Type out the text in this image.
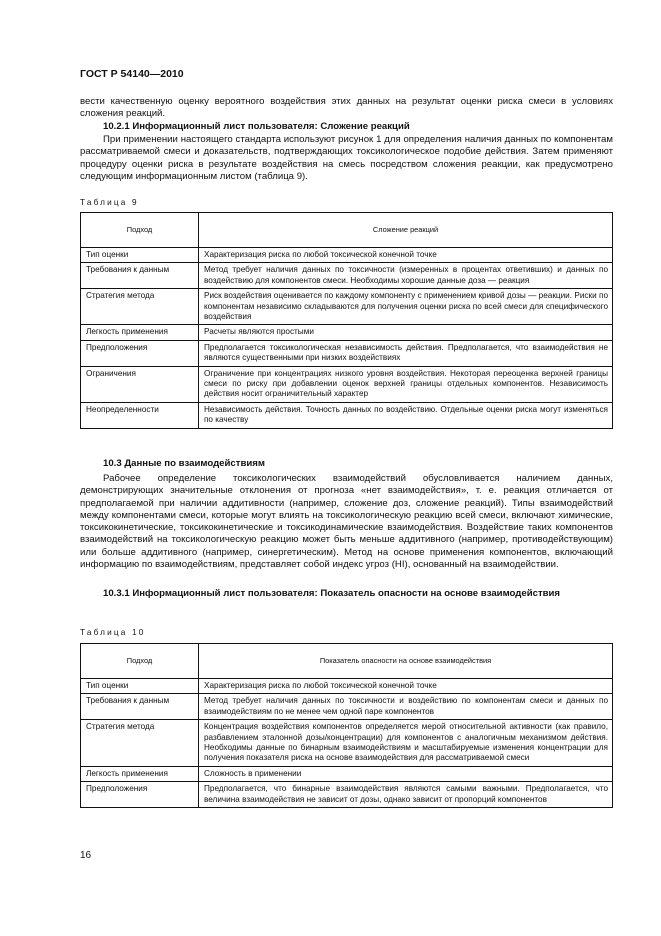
ГОСТ Р 54140—2010

вести качественную оценку вероятного воздействия этих данных на результат оценки риска смеси в условиях сложения реакций.

10.2.1 Информационный лист пользователя: Сложение реакций

При применении настоящего стандарта используют рисунок 1 для определения наличия данных по компонентам рассматриваемой смеси и доказательств, подтверждающих токсикологическое подобие действия. Затем применяют процедуру оценки риска в результате воздействия на смесь посредством сложения реакции, как предусмотрено следующим информационным листом (таблица 9).

Таблица 9
Подход	Сложение реакций
Тип оценки	Характеризация риска по любой токсической конечной точке
Требования к данным	Метод требует наличия данных по токсичности (измеренных в процентах ответивших) и данных по воздействию для компонентов смеси. Необходимы хорошие данные доза — реакция
Стратегия метода	Риск воздействия оценивается по каждому компоненту с применением кривой дозы — реакции. Риски по компонентам независимо складываются для получения оценки риска по всей смеси для специфического воздействия
Легкость применения	Расчеты являются простыми
Предположения	Предполагается токсикологическая независимость действия. Предполагается, что взаимодействия не являются существенными при низких воздействиях
Ограничения	Ограничение при концентрациях низкого уровня воздействия. Некоторая переоценка верхней границы смеси по риску при добавлении оценок верхней границы отдельных компонентов. Независимость действия носит ограничительный характер
Неопределенности	Независимость действия. Точность данных по воздействию. Отдельные оценки риска могут изменяться по качеству

10.3 Данные по взаимодействиям

Рабочее определение токсикологических взаимодействий обусловливается наличием данных, демонстрирующих значительные отклонения от прогноза «нет взаимодействия», т. е. реакция отличается от предполагаемой при наличии аддитивности (например, сложение доз, сложение реакций). Типы взаимодействий между компонентами смеси, которые могут влиять на токсикологическую реакцию всей смеси, включают химические, токсикокинетические, токсикокинетические и токсикодинамические взаимодействия. Воздействие таких компонентов взаимодействий на токсикологическую реакцию может быть меньше аддитивного (например, противодействующим) или больше аддитивного (например, синергетическим). Метод на основе применения компонентов, включающий информацию по взаимодействиям, представляет собой индекс угроз (HI), основанный на взаимодействии.

10.3.1 Информационный лист пользователя: Показатель опасности на основе взаимодействия

Таблица 10
Подход	Показатель опасности на основе взаимодействия
Тип оценки	Характеризация риска по любой токсической конечной точке
Требования к данным	Метод требует наличия данных по токсичности и воздействию по компонентам смеси и данных по взаимодействиям по не менее чем одной паре компонентов
Стратегия метода	Концентрация воздействия компонентов определяется мерой относительной активности (как правило, разбавлением эталонной дозы/концентрации) для компонентов с аналогичным механизмом действия. Необходимы данные по бинарным взаимодействиям и масштабируемые изменения концентрации для получения показателя риска на основе взаимодействия для рассматриваемой смеси
Легкость применения	Сложность в применении
Предположения	Предполагается, что бинарные взаимодействия являются самыми важными. Предполагается, что величина взаимодействия не зависит от дозы, однако зависит от пропорций компонентов
16
